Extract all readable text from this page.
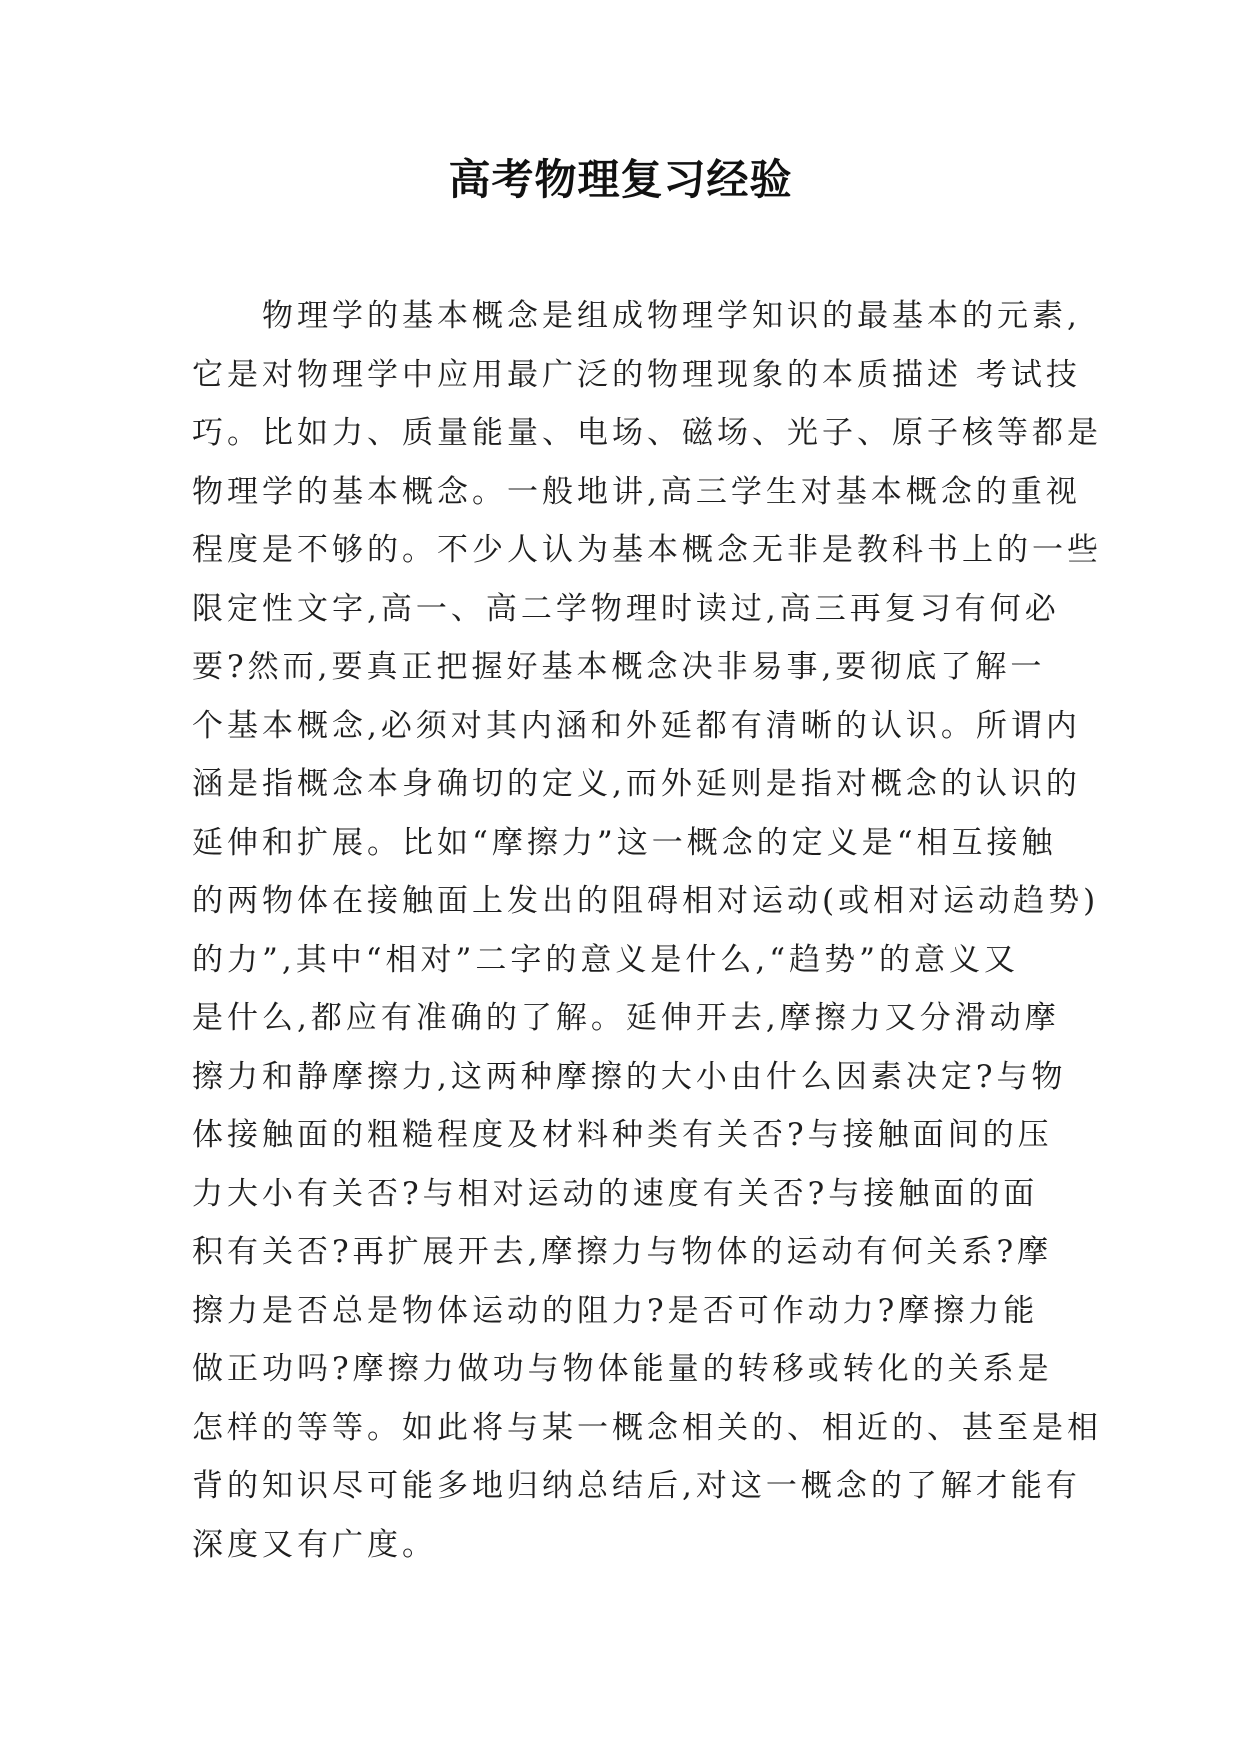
高考物理复习经验
物理学的基本概念是组成物理学知识的最基本的元素,
它是对物理学中应用最广泛的物理现象的本质描述 考试技
巧。比如力、质量能量、电场、磁场、光子、原子核等都是
物理学的基本概念。一般地讲,高三学生对基本概念的重视
程度是不够的。不少人认为基本概念无非是教科书上的一些
限定性文字,高一、高二学物理时读过,高三再复习有何必
要?然而,要真正把握好基本概念决非易事,要彻底了解一
个基本概念,必须对其内涵和外延都有清晰的认识。所谓内
涵是指概念本身确切的定义,而外延则是指对概念的认识的
延伸和扩展。比如“摩擦力”这一概念的定义是“相互接触
的两物体在接触面上发出的阻碍相对运动(或相对运动趋势)
的力”,其中“相对”二字的意义是什么,“趋势”的意义又
是什么,都应有准确的了解。延伸开去,摩擦力又分滑动摩
擦力和静摩擦力,这两种摩擦的大小由什么因素决定?与物
体接触面的粗糙程度及材料种类有关否?与接触面间的压
力大小有关否?与相对运动的速度有关否?与接触面的面
积有关否?再扩展开去,摩擦力与物体的运动有何关系?摩
擦力是否总是物体运动的阻力?是否可作动力?摩擦力能
做正功吗?摩擦力做功与物体能量的转移或转化的关系是
怎样的等等。如此将与某一概念相关的、相近的、甚至是相
背的知识尽可能多地归纳总结后,对这一概念的了解才能有
深度又有广度。
